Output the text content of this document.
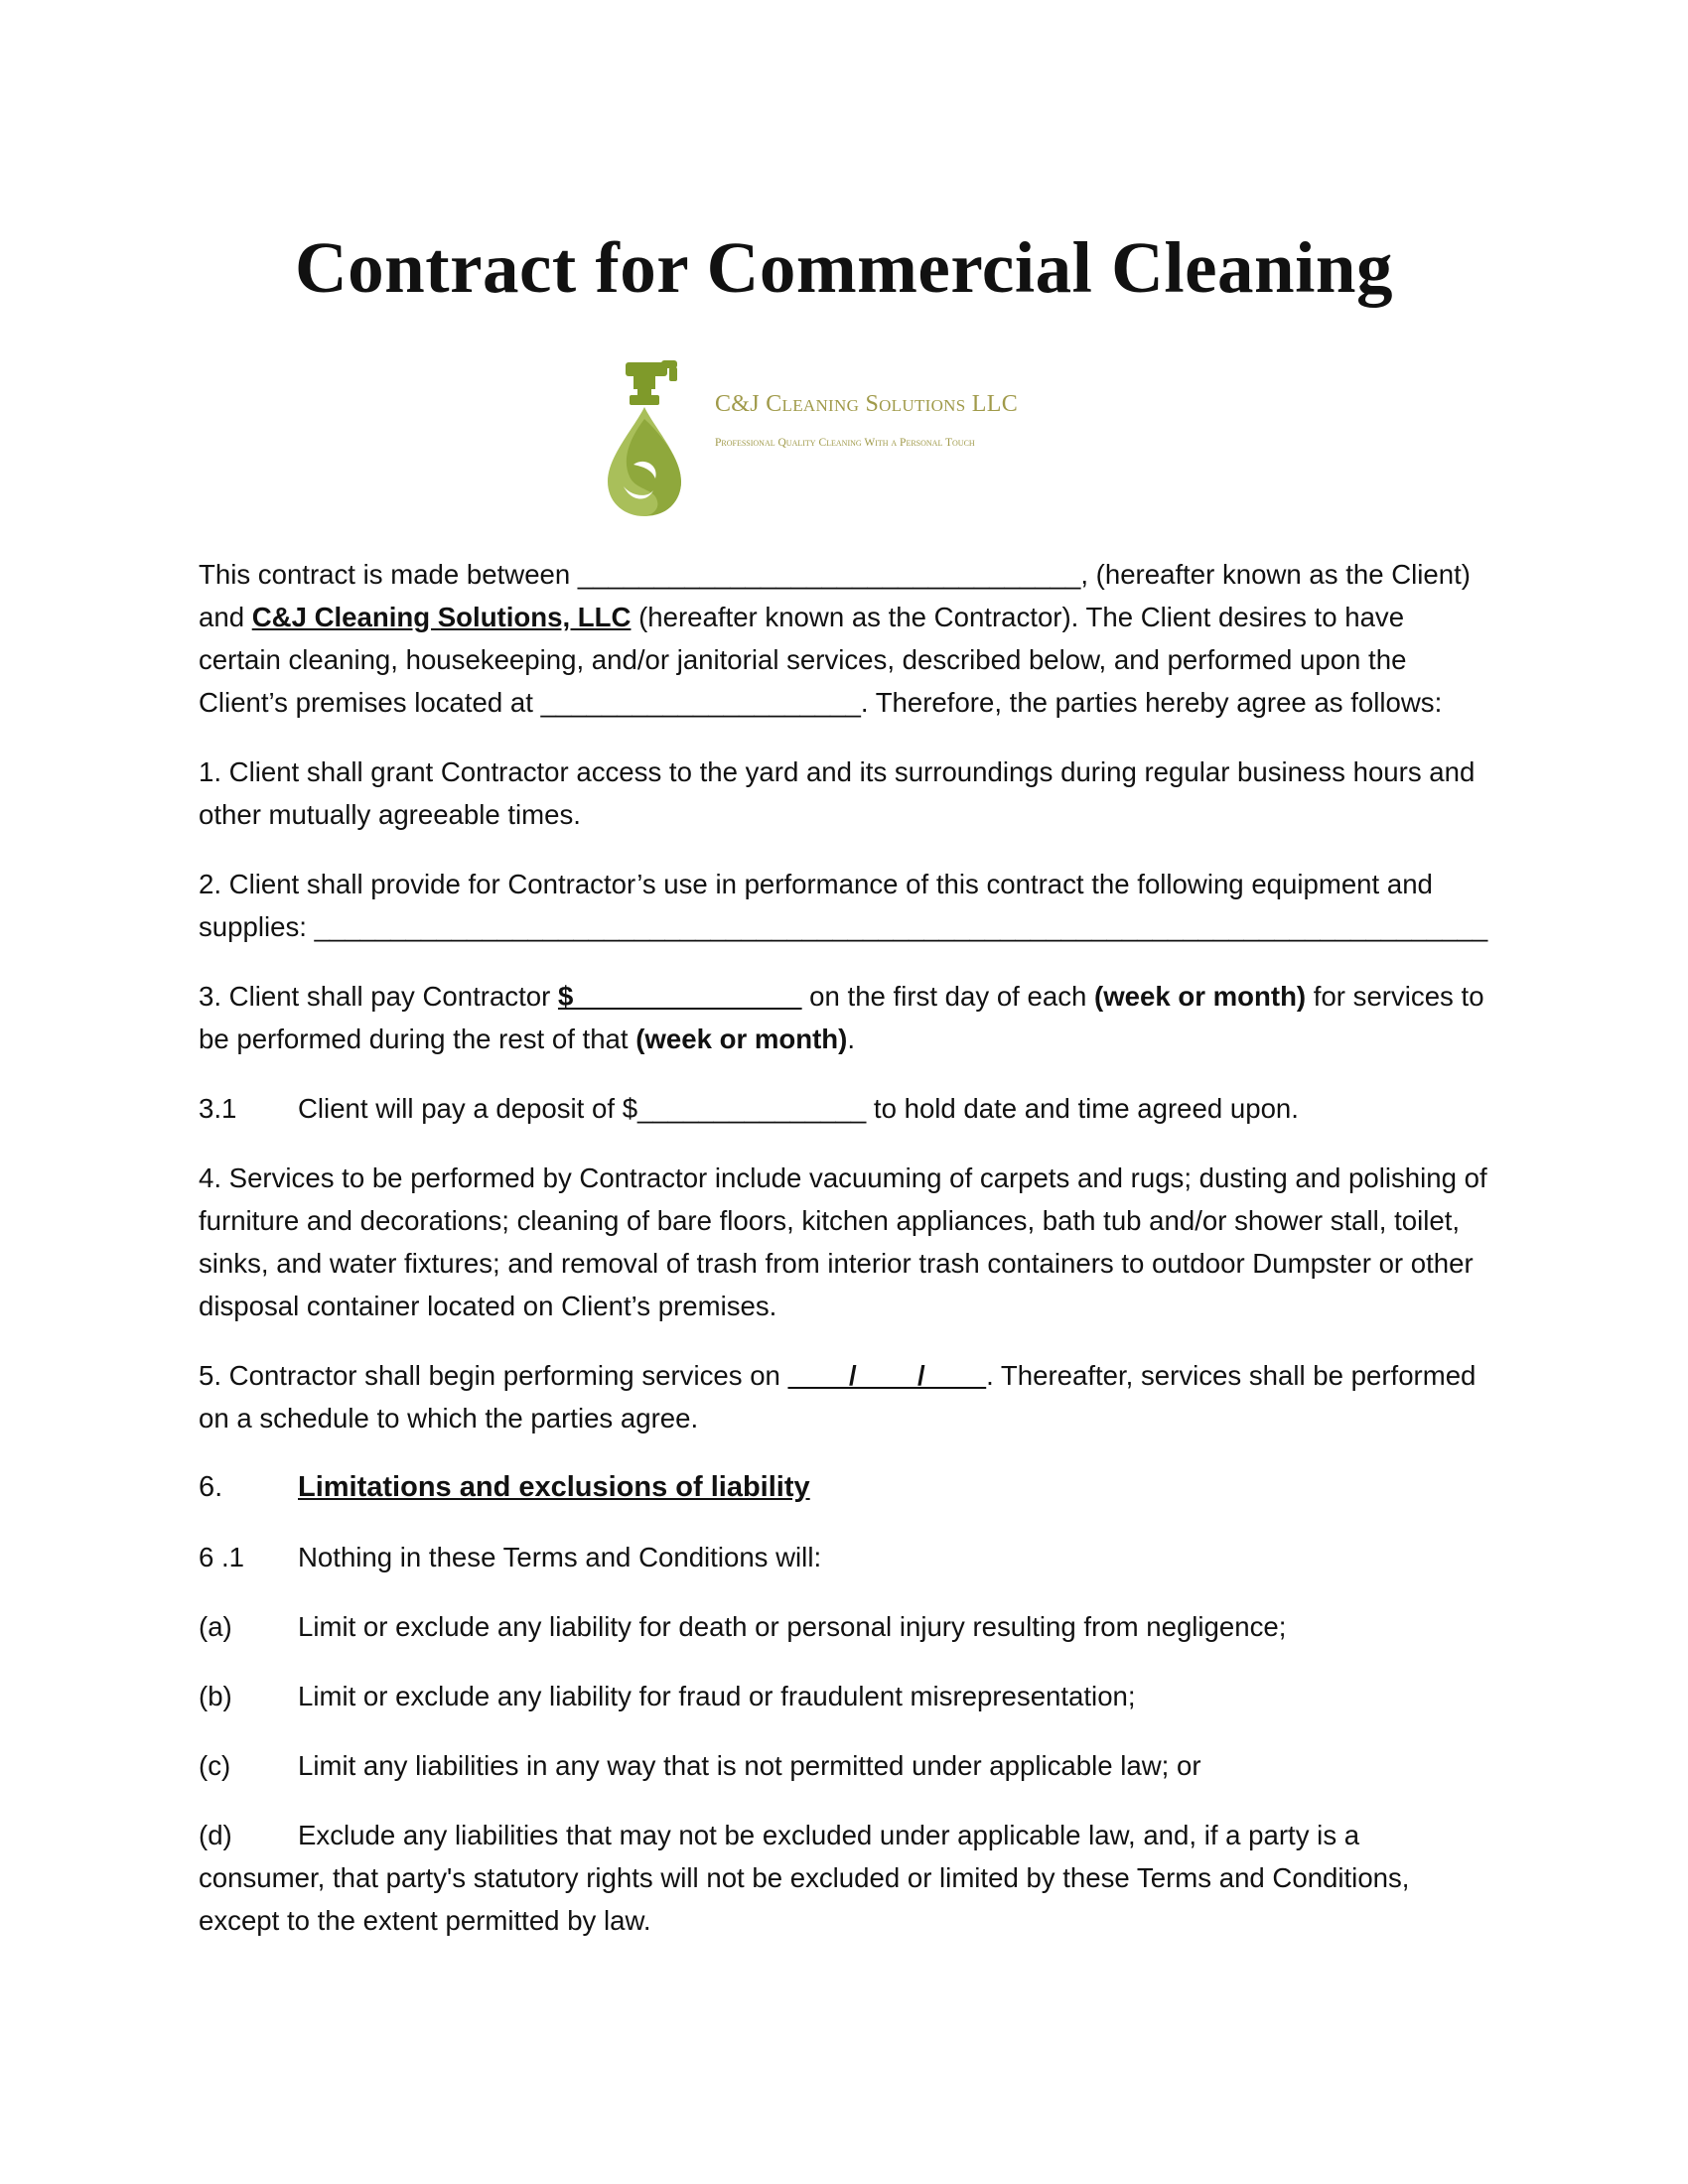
Contract for Commercial Cleaning
C&J Cleaning Solutions LLC
Professional Quality Cleaning With a Personal Touch

This contract is made between _________________________________, (hereafter known as the Client) and C&J Cleaning Solutions, LLC (hereafter known as the Contractor). The Client desires to have certain cleaning, housekeeping, and/or janitorial services, described below, and performed upon the Client’s premises located at _____________________. Therefore, the parties hereby agree as follows:

1. Client shall grant Contractor access to the yard and its surroundings during regular business hours and other mutually agreeable times.

2. Client shall provide for Contractor’s use in performance of this contract the following equipment and supplies: _____________________________________________________________________________

3. Client shall pay Contractor $_______________ on the first day of each (week or month) for services to be performed during the rest of that (week or month).

3.1 Client will pay a deposit of $_______________ to hold date and time agreed upon.

4. Services to be performed by Contractor include vacuuming of carpets and rugs; dusting and polishing of furniture and decorations; cleaning of bare floors, kitchen appliances, bath tub and/or shower stall, toilet, sinks, and water fixtures; and removal of trash from interior trash containers to outdoor Dumpster or other disposal container located on Client’s premises.

5. Contractor shall begin performing services on ____/____/____. Thereafter, services shall be performed on a schedule to which the parties agree.

6.	Limitations and exclusions of liability

6 .1 Nothing in these Terms and Conditions will:

(a) Limit or exclude any liability for death or personal injury resulting from negligence;

(b) Limit or exclude any liability for fraud or fraudulent misrepresentation;

(c) Limit any liabilities in any way that is not permitted under applicable law; or

(d) Exclude any liabilities that may not be excluded under applicable law, and, if a party is a consumer, that party's statutory rights will not be excluded or limited by these Terms and Conditions, except to the extent permitted by law.
